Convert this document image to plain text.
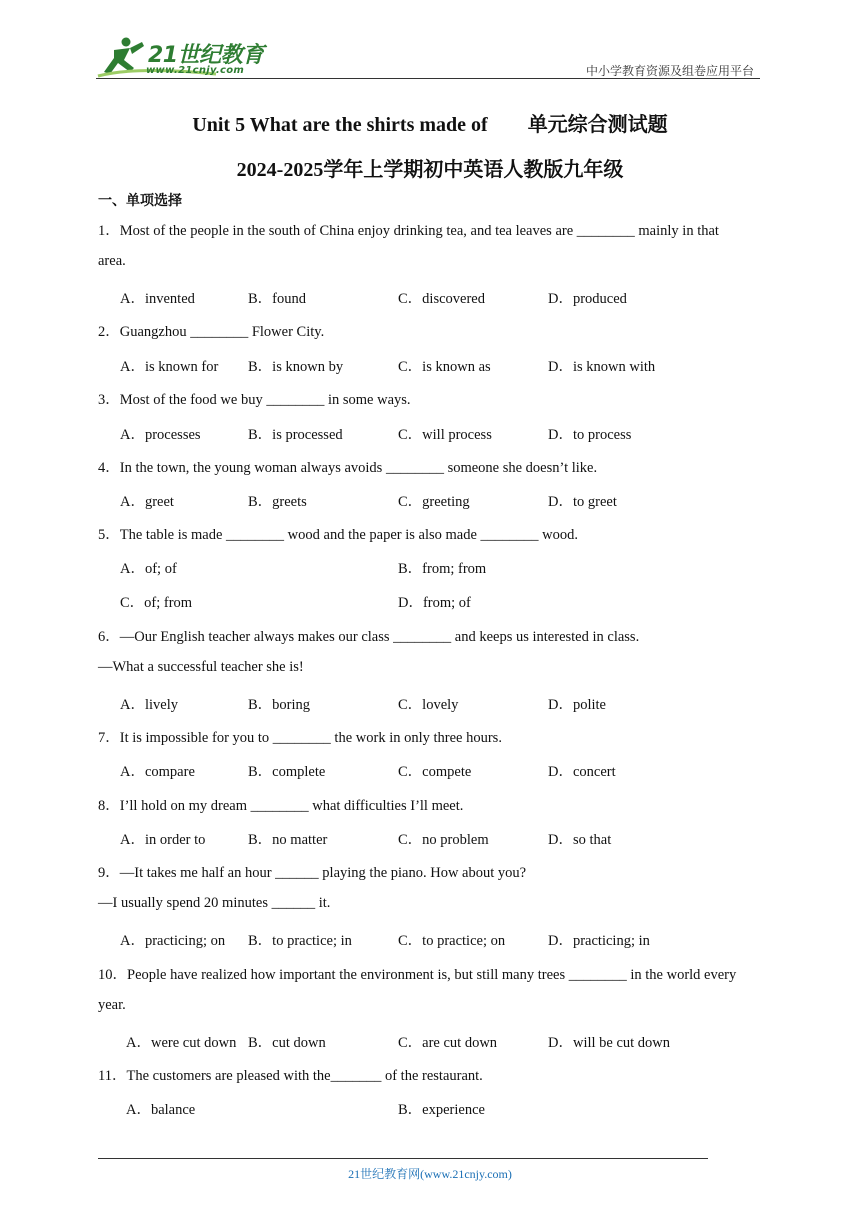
21世纪教育
www.21cnjy.com	中小学教育资源及组卷应用平台
Unit 5 What are the shirts made of 单元综合测试题
2024-2025学年上学期初中英语人教版九年级
一、单项选择
1．Most of the people in the south of China enjoy drinking tea, and tea leaves are ________ mainly in that
area.
A．invented	B．found	C．discovered	D．produced
2．Guangzhou ________ Flower City.
A．is known for B．is known by	C．is known as	D．is known with
3．Most of the food we buy ________ in some ways.
A．processes	B．is processed	C．will process	D．to process
4．In the town, the young woman always avoids ________ someone she doesn’t like.
A．greet	B．greets	C．greeting	D．to greet
5．The table is made ________ wood and the paper is also made ________ wood.
A．of; of	B．from; from
C．of; from	D．from; of
6．—Our English teacher always makes our class ________ and keeps us interested in class.
—What a successful teacher she is!
A．lively	B．boring	C．lovely	D．polite
7．It is impossible for you to ________ the work in only three hours.
A．compare	B．complete	C．compete	D．concert
8．I’ll hold on my dream ________ what difficulties I’ll meet.
A．in order to	B．no matter	C．no problem	D．so that
9．—It takes me half an hour ______ playing the piano. How about you?
—I usually spend 20 minutes ______ it.
A．practicing; on B．to practice; in	C．to practice; on	D．practicing; in
10．People have realized how important the environment is, but still many trees ________ in the world every
year.
A．were cut down B．cut down	C．are cut down	D．will be cut down
11．The customers are pleased with the_______ of the restaurant.
A．balance	B．experience
21世纪教育网(www.21cnjy.com)
